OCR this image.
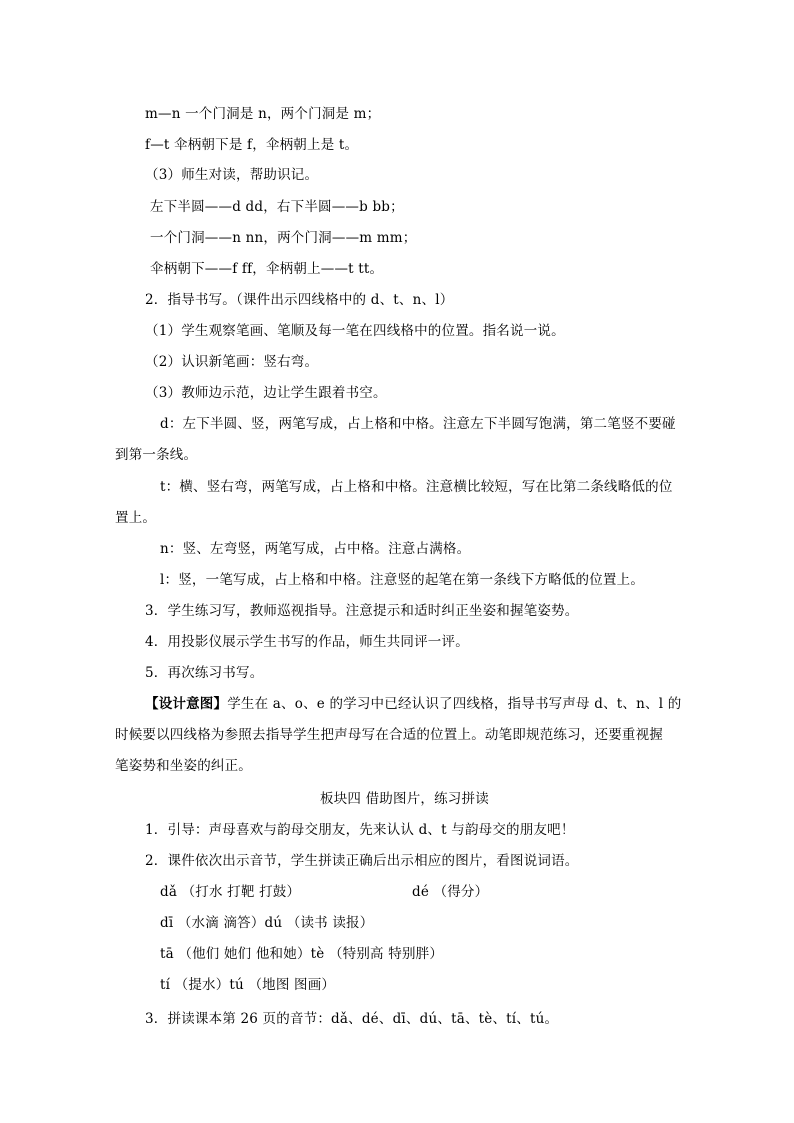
m—n 一个门洞是 n，两个门洞是 m；
f—t 伞柄朝下是 f，伞柄朝上是 t。
（3）师生对读，帮助识记。
左下半圆——d dd，右下半圆——b bb；
一个门洞——n nn，两个门洞——m mm；
伞柄朝下——f ff，伞柄朝上——t tt。
2．指导书写。（课件出示四线格中的 d、t、n、l）
（1）学生观察笔画、笔顺及每一笔在四线格中的位置。指名说一说。
（2）认识新笔画：竖右弯。
（3）教师边示范，边让学生跟着书空。
d：左下半圆、竖，两笔写成，占上格和中格。注意左下半圆写饱满，第二笔竖不要碰
到第一条线。
t：横、竖右弯，两笔写成，占上格和中格。注意横比较短，写在比第二条线略低的位
置上。
n：竖、左弯竖，两笔写成，占中格。注意占满格。
l：竖，一笔写成，占上格和中格。注意竖的起笔在第一条线下方略低的位置上。
3．学生练习写，教师巡视指导。注意提示和适时纠正坐姿和握笔姿势。
4．用投影仪展示学生书写的作品，师生共同评一评。
5．再次练习书写。
【设计意图】学生在 a、o、e 的学习中已经认识了四线格，指导书写声母 d、t、n、l 的
时候要以四线格为参照去指导学生把声母写在合适的位置上。动笔即规范练习，还要重视握
笔姿势和坐姿的纠正。
板块四 借助图片，练习拼读
1．引导：声母喜欢与韵母交朋友，先来认认 d、t 与韵母交的朋友吧！
2．课件依次出示音节，学生拼读正确后出示相应的图片，看图说词语。
dǎ （打水 打靶 打鼓）	dé （得分）
dī （水滴 滴答）dú （读书 读报）
tā （他们 她们 他和她）tè （特别高 特别胖）
tí （提水）tú （地图 图画）
3．拼读课本第 26 页的音节：dǎ、dé、dī、dú、tā、tè、tí、tú。
